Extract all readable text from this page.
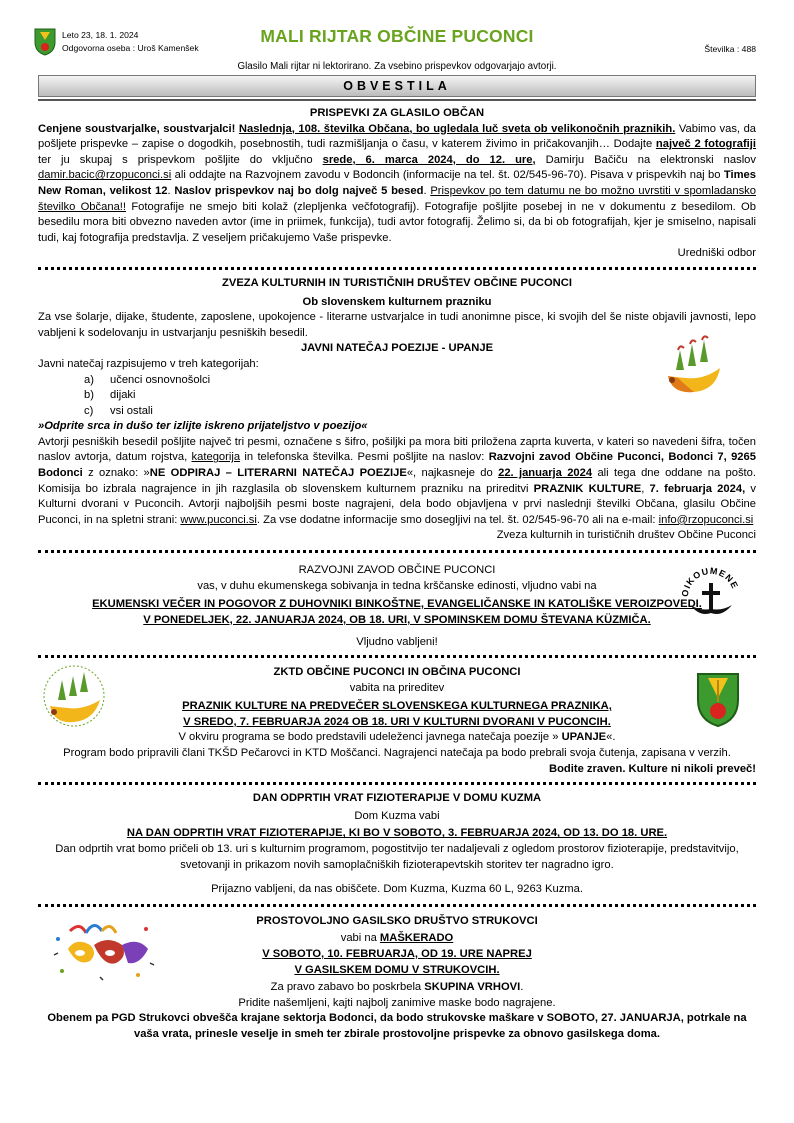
Leto 23, 18. 1. 2024
Odgovorna oseba : Uroš Kamenšek
MALI RIJTAR OBČINE PUCONCI
Številka : 488
Glasilo Mali rijtar ni lektorirano. Za vsebino prispevkov odgovarjajo avtorji.
OBVESTILA
PRISPEVKI ZA GLASILO OBČAN

Cenjene soustvarjalke, soustvarjalci! Naslednja, 108. številka Občana, bo ugledala luč sveta ob velikonočnih praznikih. Vabimo vas, da pošljete prispevke – zapise o dogodkih, posebnostih, tudi razmišljanja o času, v katerem živimo in pričakovanjih… Dodajte največ 2 fotografiji ter ju skupaj s prispevkom pošljite do vključno srede, 6. marca 2024, do 12. ure, Damirju Bačiču na elektronski naslov damir.bacic@rzopuconci.si ali oddajte na Razvojnem zavodu v Bodoncih (informacije na tel. št. 02/545-96-70). Pisava v prispevkih naj bo Times New Roman, velikost 12. Naslov prispevkov naj bo dolg največ 5 besed. Prispevkov po tem datumu ne bo možno uvrstiti v spomladansko številko Občana!! Fotografije ne smejo biti kolaž (zlepljenka večfotografij). Fotografije pošljite posebej in ne v dokumentu z besedilom. Ob besedilu mora biti obvezno naveden avtor (ime in priimek, funkcija), tudi avtor fotografij. Želimo si, da bi ob fotografijah, kjer je smiselno, napisali tudi, kaj fotografija predstavlja. Z veseljem pričakujemo Vaše prispevke.

Uredniški odbor
ZVEZA KULTURNIH IN TURISTIČNIH DRUŠTEV OBČINE PUCONCI
Ob slovenskem kulturnem prazniku

Za vse šolarje, dijake, študente, zaposlene, upokojence - literarne ustvarjalce in tudi anonimne pisce, ki svojih del še niste objavili javnosti, lepo vabljeni k sodelovanju in ustvarjanju pesniških besedil.

JAVNI NATEČAJ POEZIJE - UPANJE
Javni natečaj razpisujemo v treh kategorijah:
a) učenci osnovnošolci
b) dijaki
c) vsi ostali
»Odprite srca in dušo ter izlijte iskreno prijateljstvo v poezijo«

Avtorji pesniških besedil pošljite največ tri pesmi, označene s šifro, pošiljki pa mora biti priložena zaprta kuverta, v kateri so navedeni šifra, točen naslov avtorja, datum rojstva, kategorija in telefonska številka. Pesmi pošljite na naslov: Razvojni zavod Občine Puconci, Bodonci 7, 9265 Bodonci z oznako: »NE ODPIRAJ – LITERARNI NATEČAJ POEZIJE«, najkasneje do 22. januarja 2024 ali tega dne oddane na pošto. Komisija bo izbrala nagrajence in jih razglasila ob slovenskem kulturnem prazniku na prireditvi PRAZNIK KULTURE, 7. februarja 2024, v Kulturni dvorani v Puconcih. Avtorji najboljših pesmi boste nagrajeni, dela bodo objavljena v prvi naslednji številki Občana, glasilu Občine Puconci, in na spletni strani: www.puconci.si. Za vse dodatne informacije smo dosegljivi na tel. št. 02/545-96-70 ali na e-mail: info@rzopuconci.si

Zveza kulturnih in turističnih društev Občine Puconci
RAZVOJNI ZAVOD OBČINE PUCONCI
vas, v duhu ekumenskega sobivanja in tedna krščanske edinosti, vljudno vabi na
EKUMENSKI VEČER IN POGOVOR Z DUHOVNIKI BINKOŠTNE, EVANGELIČANSKE IN KATOLIŠKE VEROIZPOVEDI.
V PONEDELJEK, 22. JANUARJA 2024, OB 18. URI, V SPOMINSKEM DOMU ŠTEVANA KÜZMIČA.
Vljudno vabljeni!
OIKOUMENE
ZKTD OBČINE PUCONCI IN OBČINA PUCONCI
vabita na prireditev
PRAZNIK KULTURE NA PREDVEČER SLOVENSKEGA KULTURNEGA PRAZNIKA,
V SREDO, 7. FEBRUARJA 2024 OB 18. URI V KULTURNI DVORANI V PUCONCIH.
V okviru programa se bodo predstavili udeleženci javnega natečaja poezije » UPANJE«.
Program bodo pripravili člani TKŠD Pečarovci in KTD Moščanci. Nagrajenci natečaja pa bodo prebrali svoja čutenja, zapisana v verzih.
Bodite zraven. Kulture ni nikoli preveč!
DAN ODPRTIH VRAT FIZIOTERAPIJE V DOMU KUZMA
Dom Kuzma vabi
NA DAN ODPRTIH VRAT FIZIOTERAPIJE, KI BO V SOBOTO, 3. FEBRUARJA 2024, OD 13. DO 18. URE.
Dan odprtih vrat bomo pričeli ob 13. uri s kulturnim programom, pogostitvijo ter nadaljevali z ogledom prostorov fizioterapije, predstavitvijo, svetovanji in prikazom novih samoplačniških fizioterapevtskih storitev ter nagradno igro.
Prijazno vabljeni, da nas obiščete. Dom Kuzma, Kuzma 60 L, 9263 Kuzma.
PROSTOVOLJNO GASILSKO DRUŠTVO STRUKOVCI
vabi na MAŠKERADO
V SOBOTO, 10. FEBRUARJA, OD 19. URE NAPREJ
V GASILSKEM DOMU V STRUKOVCIH.
Za pravo zabavo bo poskrbela SKUPINA VRHOVI.
Pridite našemljeni, kajti najbolj zanimive maske bodo nagrajene.
Obenem pa PGD Strukovci obvešča krajane sektorja Bodonci, da bodo strukovske maškare v SOBOTO, 27. JANUARJA, potrkale na vaša vrata, prinesle veselje in smeh ter zbirale prostovoljne prispevke za obnovo gasilskega doma.
